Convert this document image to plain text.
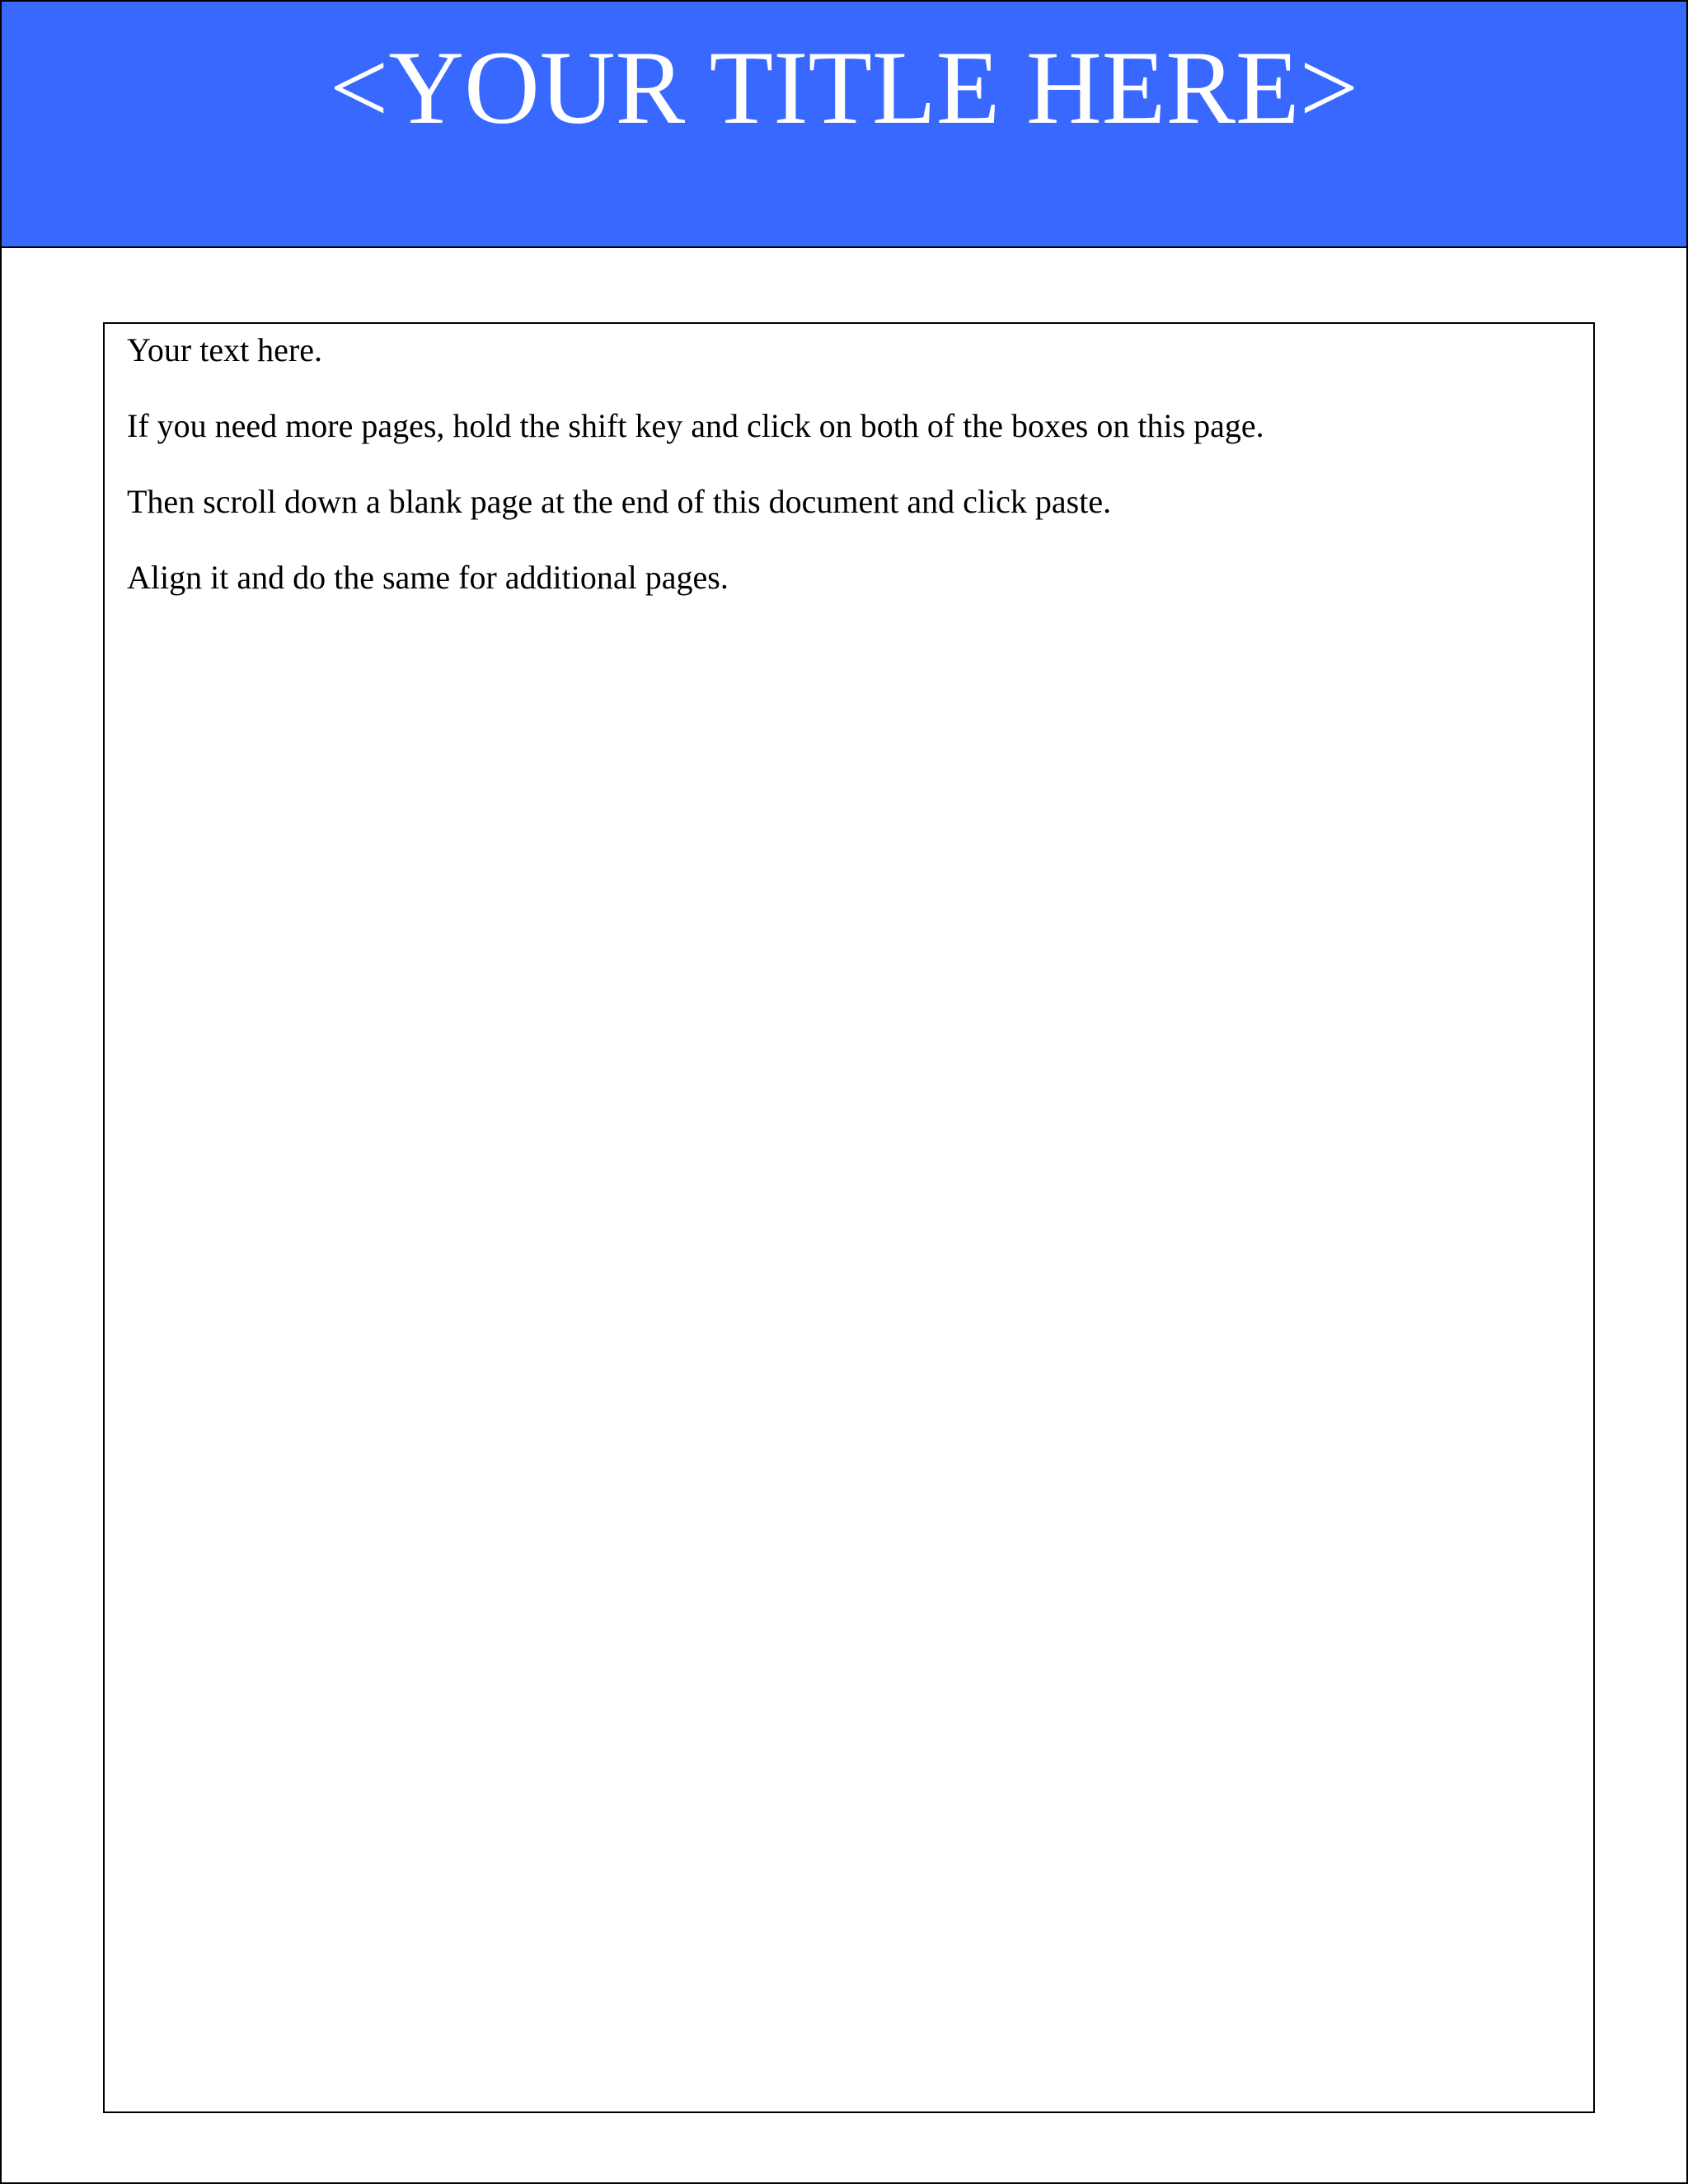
<YOUR TITLE HERE>

Your text here.

If you need more pages, hold the shift key and click on both of the boxes on this page.

Then scroll down a blank page at the end of this document and click paste.

Align it and do the same for additional pages.
